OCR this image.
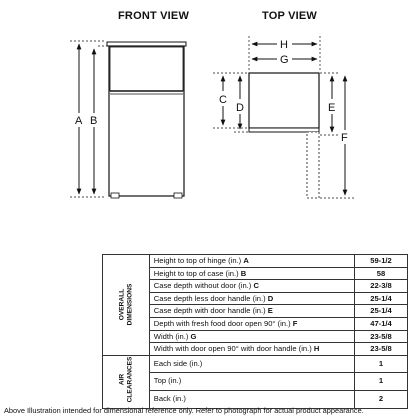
FRONT VIEW	TOP VIEW
A B
H
G
C
D	E
F
OVERALL
DIMENSIONS	Height to top of hinge (in.) A	59-1/2
	Height to top of case (in.) B	58
	Case depth without door (in.) C	22-3/8
	Case depth less door handle (in.) D	25-1/4
	Case depth with door handle (in.) E	25-1/4
	Depth with fresh food door open 90° (in.) F	47-1/4
	Width (in.) G	23-5/8
	Width with door open 90° with door handle (in.) H	23-5/8
AIR
CLEARANCES	Each side (in.)	1
	Top (in.)	1
	Back (in.)	2
Above Illustration intended for dimensional reference only. Refer to photograph for actual product appearance.
